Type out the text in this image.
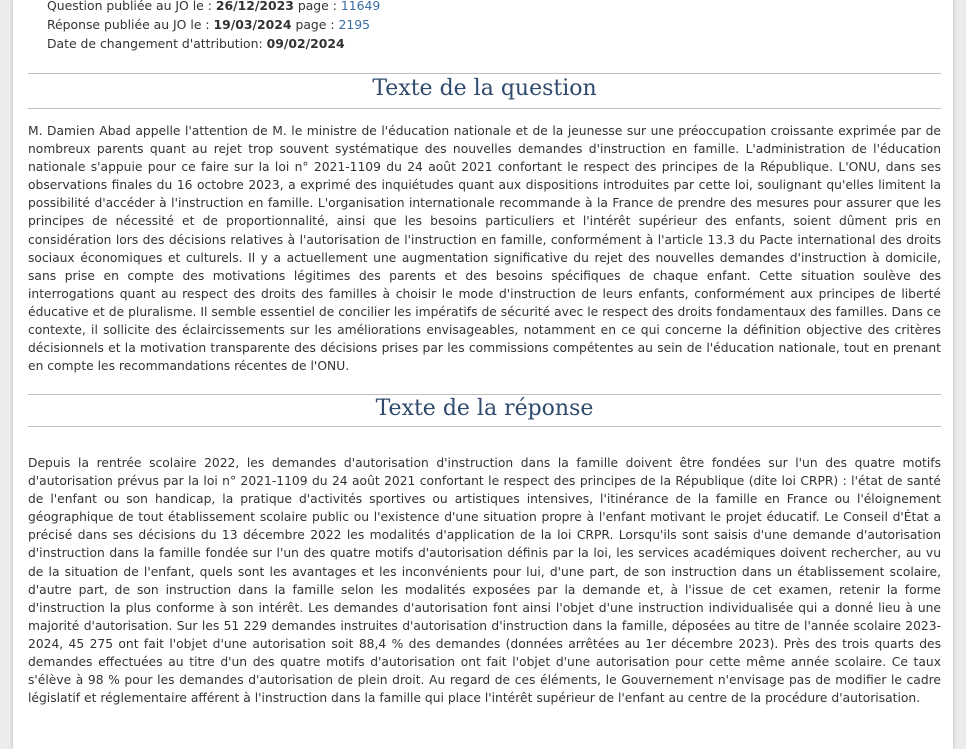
Question publiée au JO le : 26/12/2023 page : 11649
Réponse publiée au JO le : 19/03/2024 page : 2195
Date de changement d'attribution: 09/02/2024
Texte de la question
M. Damien Abad appelle l'attention de M. le ministre de l'éducation nationale et de la jeunesse sur une préoccupation croissante exprimée par de nombreux parents quant au rejet trop souvent systématique des nouvelles demandes d'instruction en famille. L'administration de l'éducation nationale s'appuie pour ce faire sur la loi n° 2021-1109 du 24 août 2021 confortant le respect des principes de la République. L'ONU, dans ses observations finales du 16 octobre 2023, a exprimé des inquiétudes quant aux dispositions introduites par cette loi, soulignant qu'elles limitent la possibilité d'accéder à l'instruction en famille. L'organisation internationale recommande à la France de prendre des mesures pour assurer que les principes de nécessité et de proportionnalité, ainsi que les besoins particuliers et l'intérêt supérieur des enfants, soient dûment pris en considération lors des décisions relatives à l'autorisation de l'instruction en famille, conformément à l'article 13.3 du Pacte international des droits sociaux économiques et culturels. Il y a actuellement une augmentation significative du rejet des nouvelles demandes d'instruction à domicile, sans prise en compte des motivations légitimes des parents et des besoins spécifiques de chaque enfant. Cette situation soulève des interrogations quant au respect des droits des familles à choisir le mode d'instruction de leurs enfants, conformément aux principes de liberté éducative et de pluralisme. Il semble essentiel de concilier les impératifs de sécurité avec le respect des droits fondamentaux des familles. Dans ce contexte, il sollicite des éclaircissements sur les améliorations envisageables, notamment en ce qui concerne la définition objective des critères décisionnels et la motivation transparente des décisions prises par les commissions compétentes au sein de l'éducation nationale, tout en prenant en compte les recommandations récentes de l'ONU.
Texte de la réponse
Depuis la rentrée scolaire 2022, les demandes d'autorisation d'instruction dans la famille doivent être fondées sur l'un des quatre motifs d'autorisation prévus par la loi n° 2021-1109 du 24 août 2021 confortant le respect des principes de la République (dite loi CRPR) : l'état de santé de l'enfant ou son handicap, la pratique d'activités sportives ou artistiques intensives, l'itinérance de la famille en France ou l'éloignement géographique de tout établissement scolaire public ou l'existence d'une situation propre à l'enfant motivant le projet éducatif. Le Conseil d'État a précisé dans ses décisions du 13 décembre 2022 les modalités d'application de la loi CRPR. Lorsqu'ils sont saisis d'une demande d'autorisation d'instruction dans la famille fondée sur l'un des quatre motifs d'autorisation définis par la loi, les services académiques doivent rechercher, au vu de la situation de l'enfant, quels sont les avantages et les inconvénients pour lui, d'une part, de son instruction dans un établissement scolaire, d'autre part, de son instruction dans la famille selon les modalités exposées par la demande et, à l'issue de cet examen, retenir la forme d'instruction la plus conforme à son intérêt. Les demandes d'autorisation font ainsi l'objet d'une instruction individualisée qui a donné lieu à une majorité d'autorisation. Sur les 51 229 demandes instruites d'autorisation d'instruction dans la famille, déposées au titre de l'année scolaire 2023-2024, 45 275 ont fait l'objet d'une autorisation soit 88,4 % des demandes (données arrêtées au 1er décembre 2023). Près des trois quarts des demandes effectuées au titre d'un des quatre motifs d'autorisation ont fait l'objet d'une autorisation pour cette même année scolaire. Ce taux s'élève à 98 % pour les demandes d'autorisation de plein droit. Au regard de ces éléments, le Gouvernement n'envisage pas de modifier le cadre législatif et réglementaire afférent à l'instruction dans la famille qui place l'intérêt supérieur de l'enfant au centre de la procédure d'autorisation.
